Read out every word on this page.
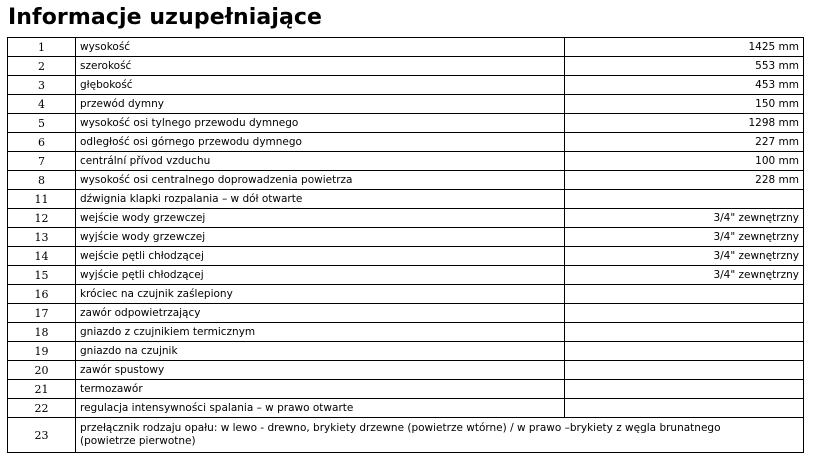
Informacje uzupełniające
1	wysokość	1425 mm
2	szerokość	553 mm
3	głębokość	453 mm
4	przewód dymny	150 mm
5	wysokość osi tylnego przewodu dymnego	1298 mm
6	odległość osi górnego przewodu dymnego	227 mm
7	centrální přívod vzduchu	100 mm
8	wysokość osi centralnego doprowadzenia powietrza	228 mm
11	dźwignia klapki rozpalania – w dół otwarte	
12	wejście wody grzewczej	3/4" zewnętrzny
13	wyjście wody grzewczej	3/4" zewnętrzny
14	wejście pętli chłodzącej	3/4" zewnętrzny
15	wyjście pętli chłodzącej	3/4" zewnętrzny
16	króciec na czujnik zaślepiony	
17	zawór odpowietrzający	
18	gniazdo z czujnikiem termicznym	
19	gniazdo na czujnik	
20	zawór spustowy	
21	termozawór	
22	regulacja intensywności spalania – w prawo otwarte	
23	przełącznik rodzaju opału: w lewo - drewno, brykiety drzewne (powietrze wtórne) / w prawo –brykiety z węgla brunatnego
(powietrze pierwotne)	
